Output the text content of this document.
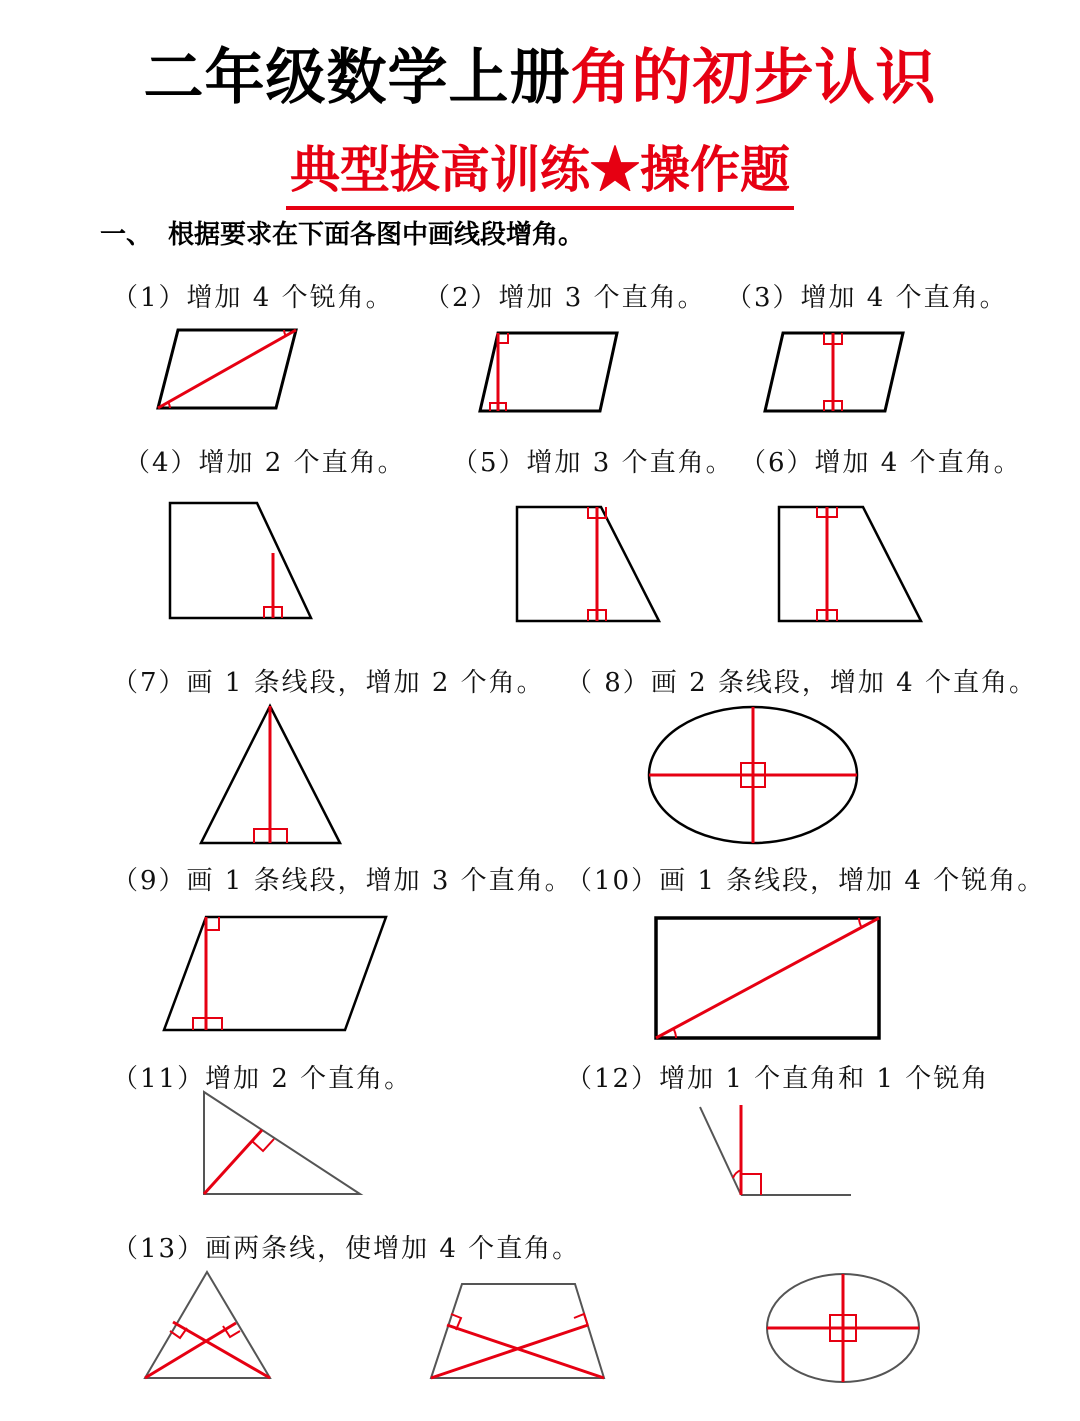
二年级数学上册角的初步认识
典型拔高训练★操作题
一、 根据要求在下面各图中画线段增角。
（1）增加 4 个锐角。 （2）增加 3 个直角。 （3）增加 4 个直角。
（4）增加 2 个直角。 （5）增加 3 个直角。 （6）增加 4 个直角。
（7）画 1 条线段，增加 2 个角。 （ 8）画 2 条线段，增加 4 个直角。
（9）画 1 条线段，增加 3 个直角。
（10）画 1 条线段，增加 4 个锐角。
（11）增加 2 个直角。	（12）增加 1 个直角和 1 个锐角
（13）画两条线，使增加 4 个直角。
